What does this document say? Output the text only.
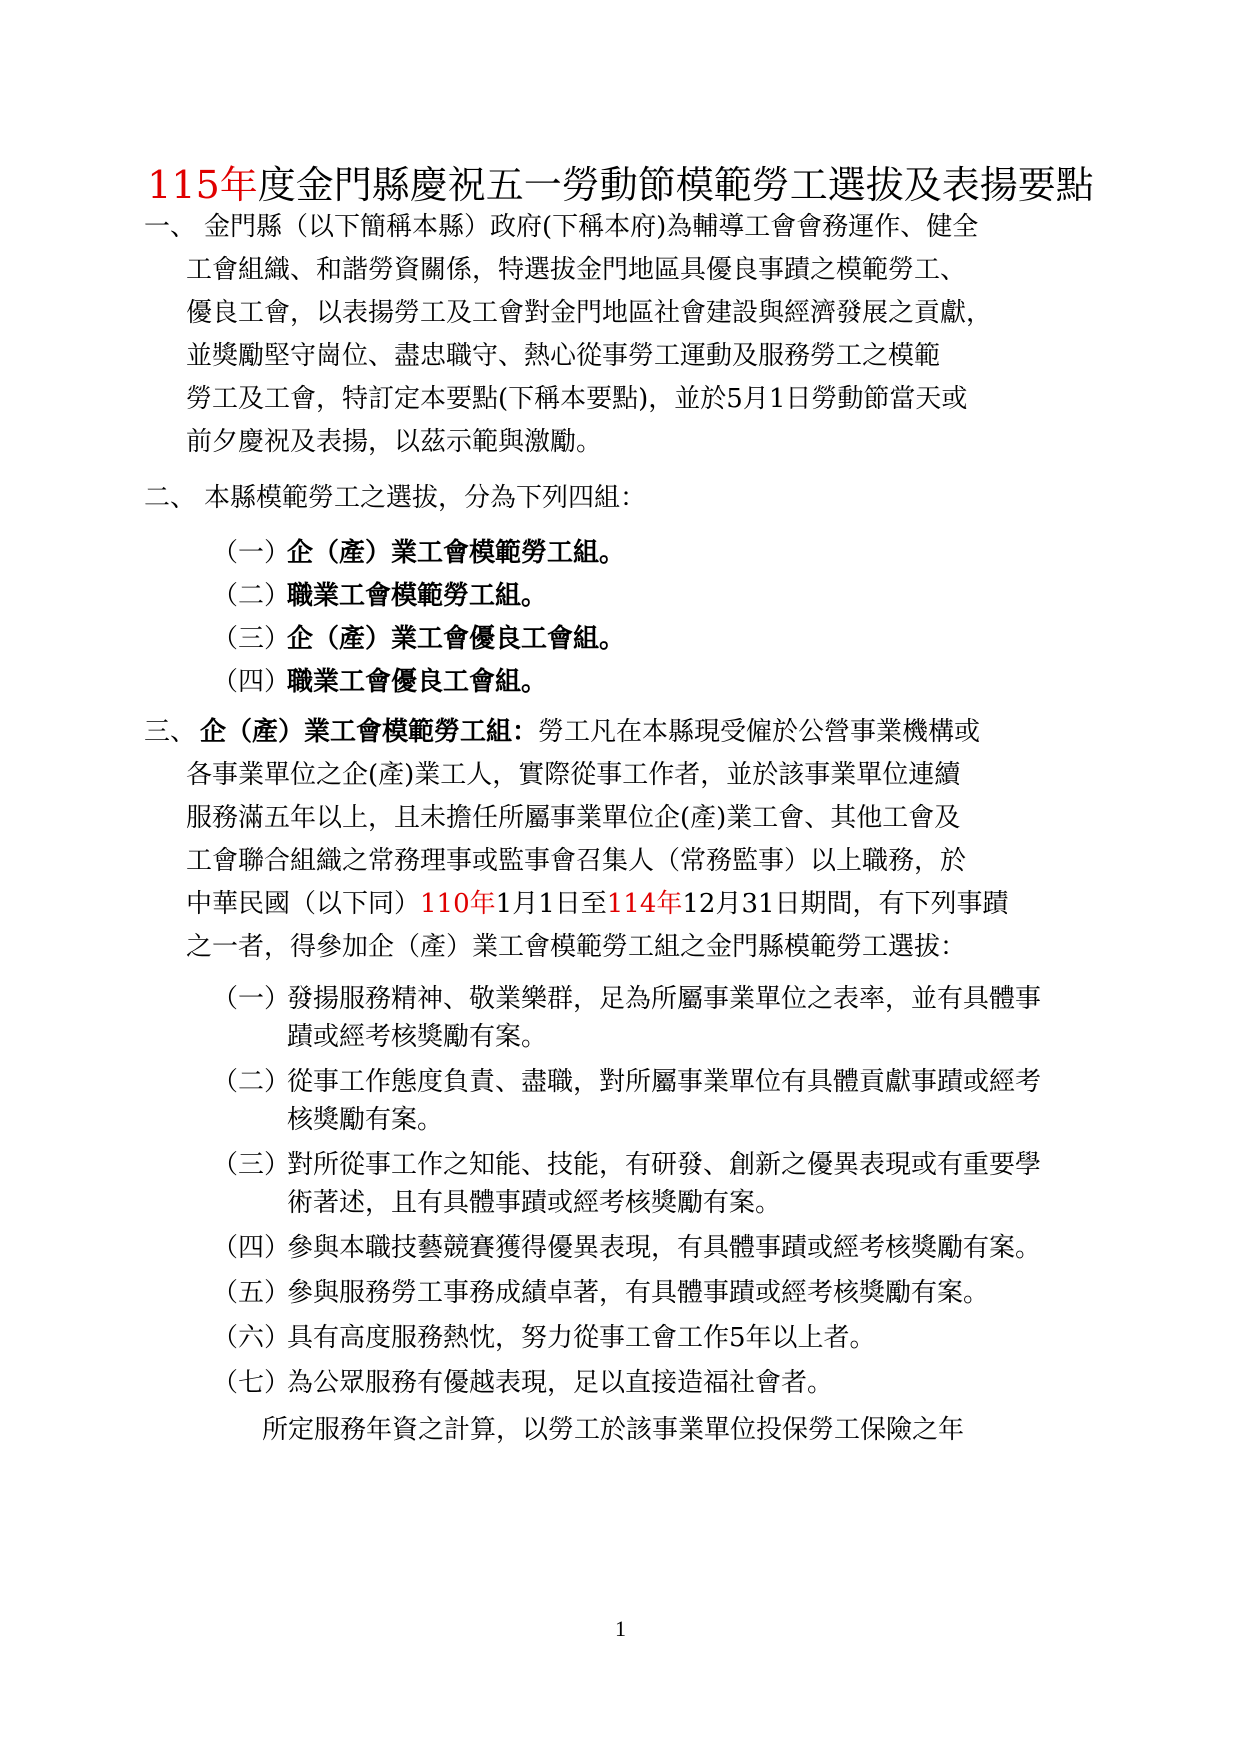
115年度金門縣慶祝五一勞動節模範勞工選拔及表揚要點
一、 金門縣（以下簡稱本縣）政府(下稱本府)為輔導工會會務運作、健全
工會組織、和諧勞資關係，特選拔金門地區具優良事蹟之模範勞工、
優良工會，以表揚勞工及工會對金門地區社會建設與經濟發展之貢獻，
並獎勵堅守崗位、盡忠職守、熱心從事勞工運動及服務勞工之模範
勞工及工會，特訂定本要點(下稱本要點)，並於5月1日勞動節當天或
前夕慶祝及表揚，以茲示範與激勵。
二、 本縣模範勞工之選拔，分為下列四組：
（一）
企（產）業工會模範勞工組。
（二）
職業工會模範勞工組。
（三）
企（產）業工會優良工會組。
（四）
職業工會優良工會組。
三、 企（產）業工會模範勞工組：勞工凡在本縣現受僱於公營事業機構或
各事業單位之企(產)業工人，實際從事工作者，並於該事業單位連續
服務滿五年以上，且未擔任所屬事業單位企(產)業工會、其他工會及
工會聯合組織之常務理事或監事會召集人（常務監事）以上職務，於
中華民國（以下同）110年1月1日至114年12月31日期間，有下列事蹟
之一者，得參加企（產）業工會模範勞工組之金門縣模範勞工選拔：
（一）
發揚服務精神、敬業樂群，足為所屬事業單位之表率，並有具體事
蹟或經考核獎勵有案。
（二）
從事工作態度負責、盡職，對所屬事業單位有具體貢獻事蹟或經考
核獎勵有案。
（三）
對所從事工作之知能、技能，有研發、創新之優異表現或有重要學
術著述，且有具體事蹟或經考核獎勵有案。
（四）
參與本職技藝競賽獲得優異表現，有具體事蹟或經考核獎勵有案。
（五）
參與服務勞工事務成績卓著，有具體事蹟或經考核獎勵有案。
（六）
具有高度服務熱忱，努力從事工會工作5年以上者。
（七）
為公眾服務有優越表現，足以直接造福社會者。
所定服務年資之計算，以勞工於該事業單位投保勞工保險之年
1
